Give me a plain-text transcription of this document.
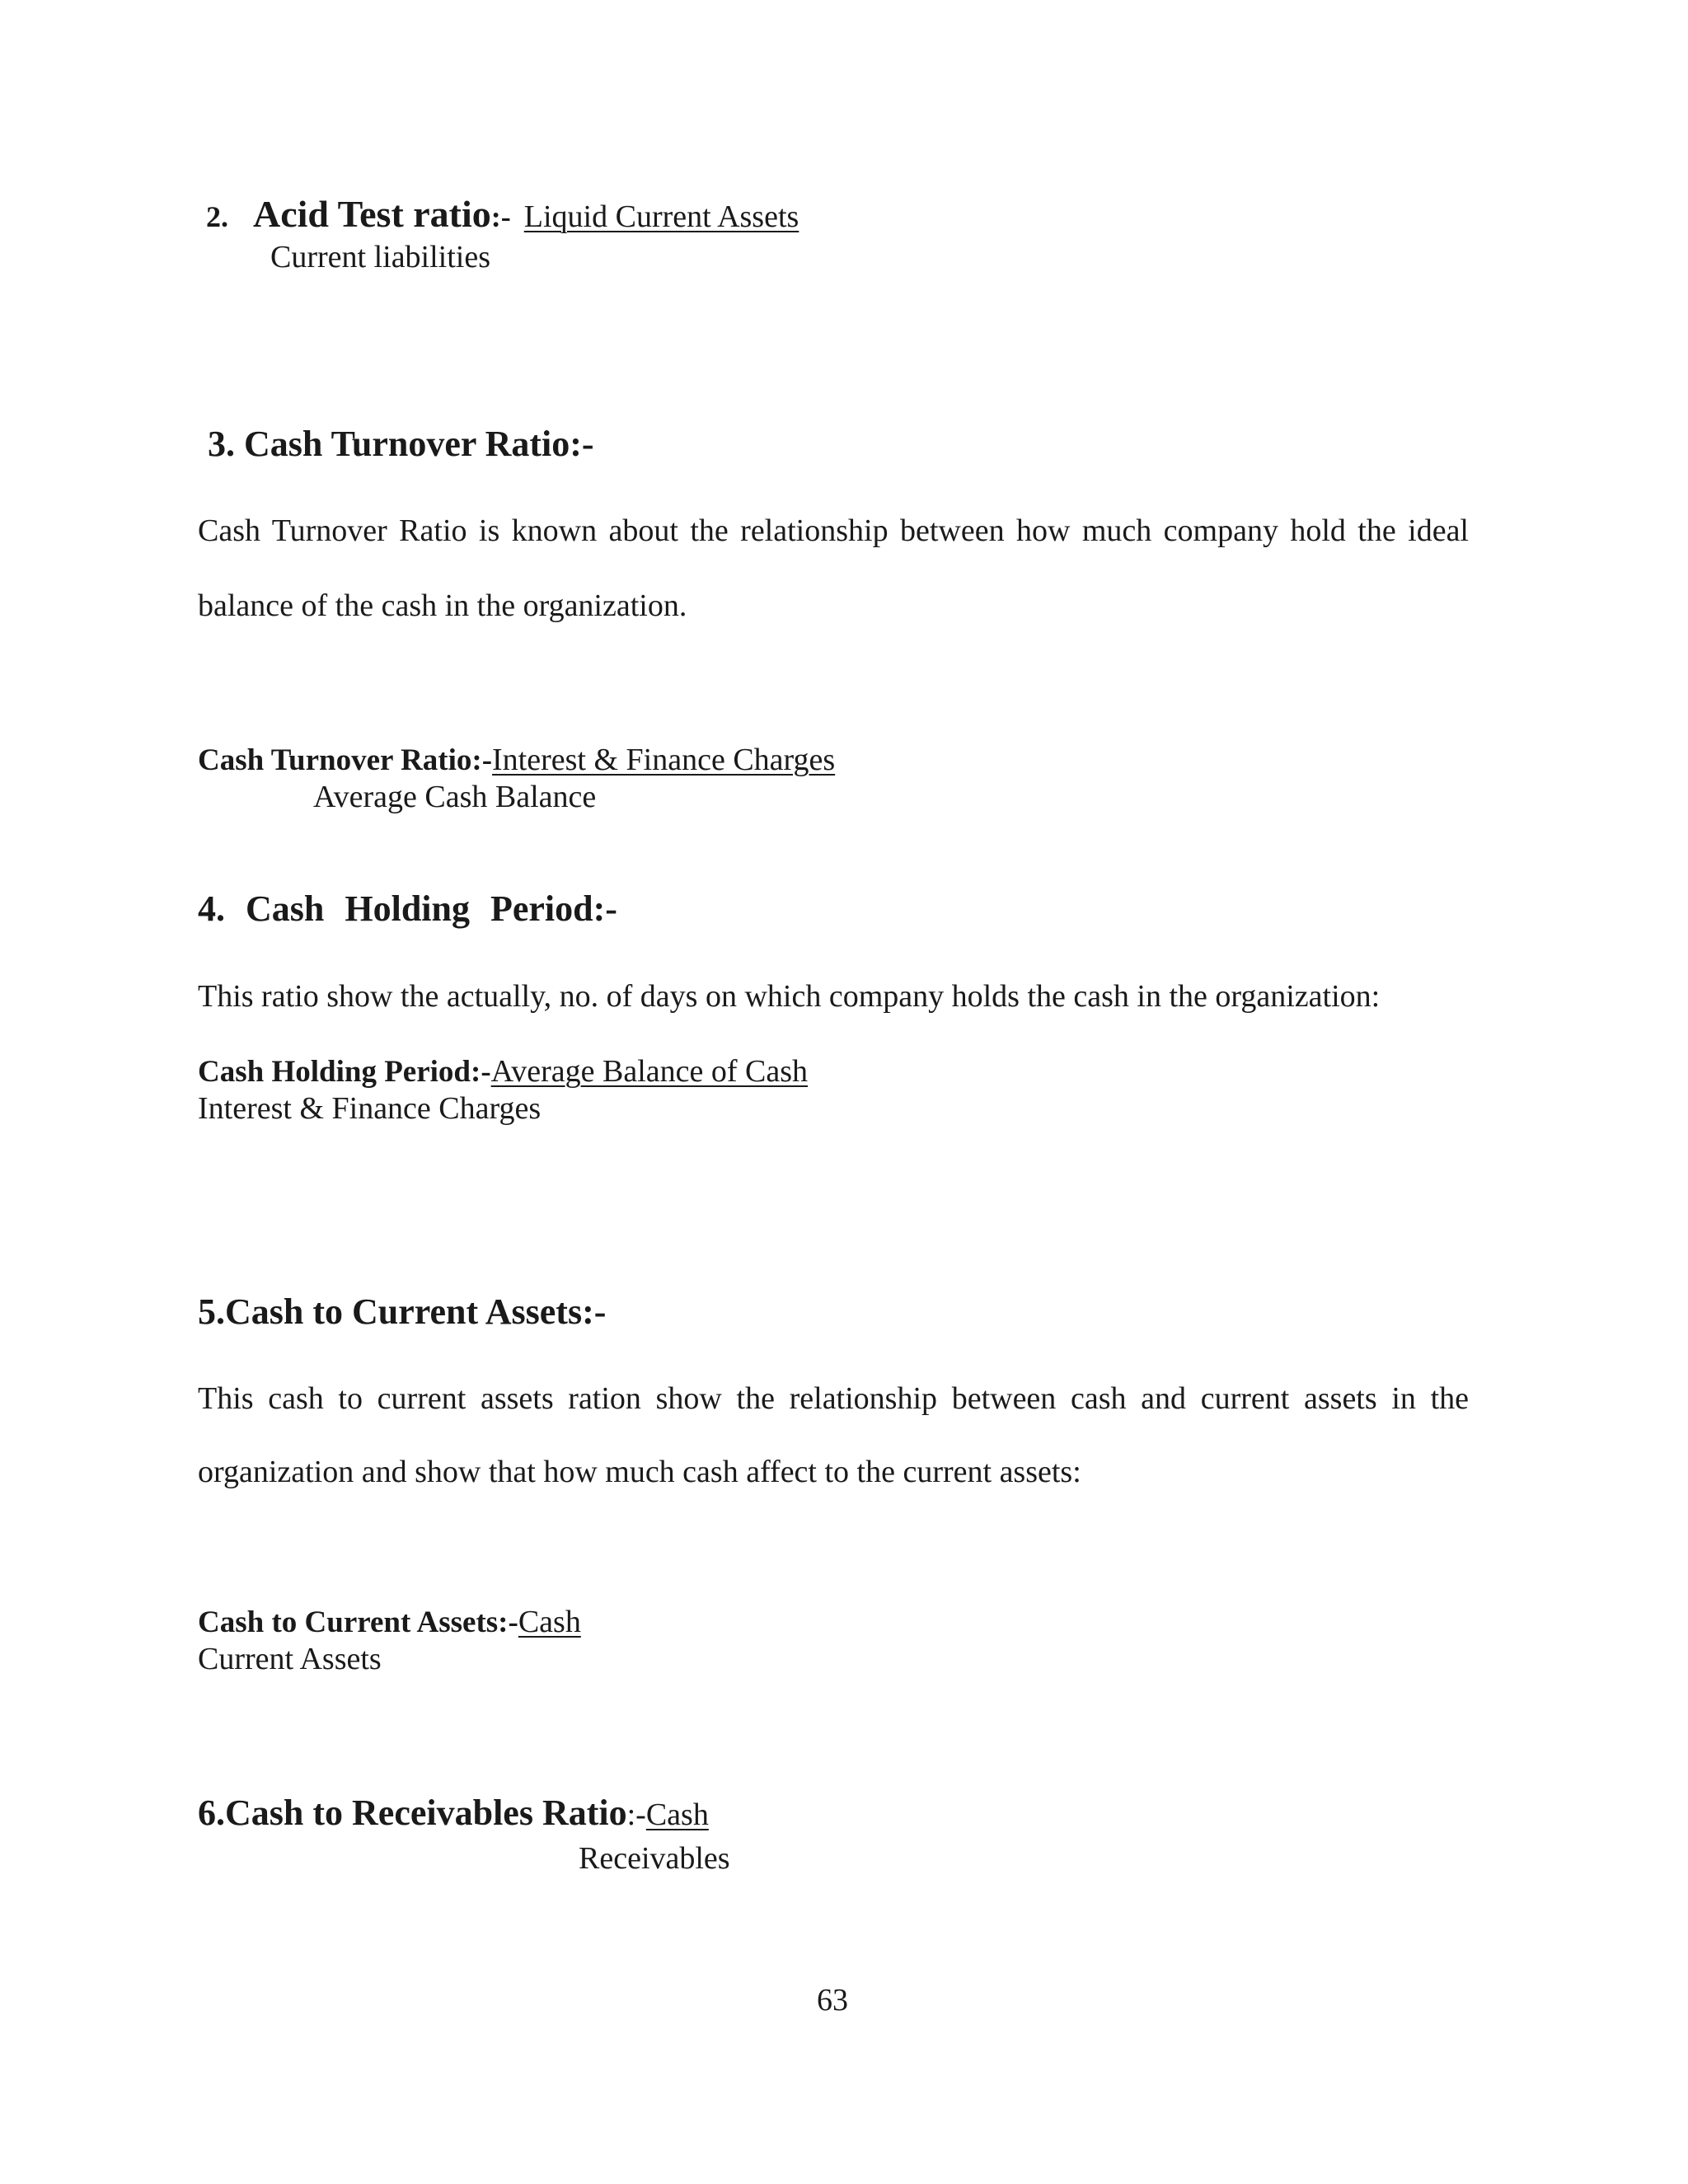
2. Acid Test ratio:- Liquid Current Assets
Current liabilities
3. Cash Turnover Ratio:-
Cash Turnover Ratio is known about the relationship between how much company hold the ideal
balance of the cash in the organization.
Cash Turnover Ratio:-Interest & Finance Charges
Average Cash Balance
4. Cash Holding Period:-
This ratio show the actually, no. of days on which company holds the cash in the organization:
Cash Holding Period:-Average Balance of Cash
Interest & Finance Charges
5.Cash to Current Assets:-
This cash to current assets ration show the relationship between cash and current assets in the
organization and show that how much cash affect to the current assets:
Cash to Current Assets:-Cash
Current Assets
6.Cash to Receivables Ratio:-Cash
Receivables
63
